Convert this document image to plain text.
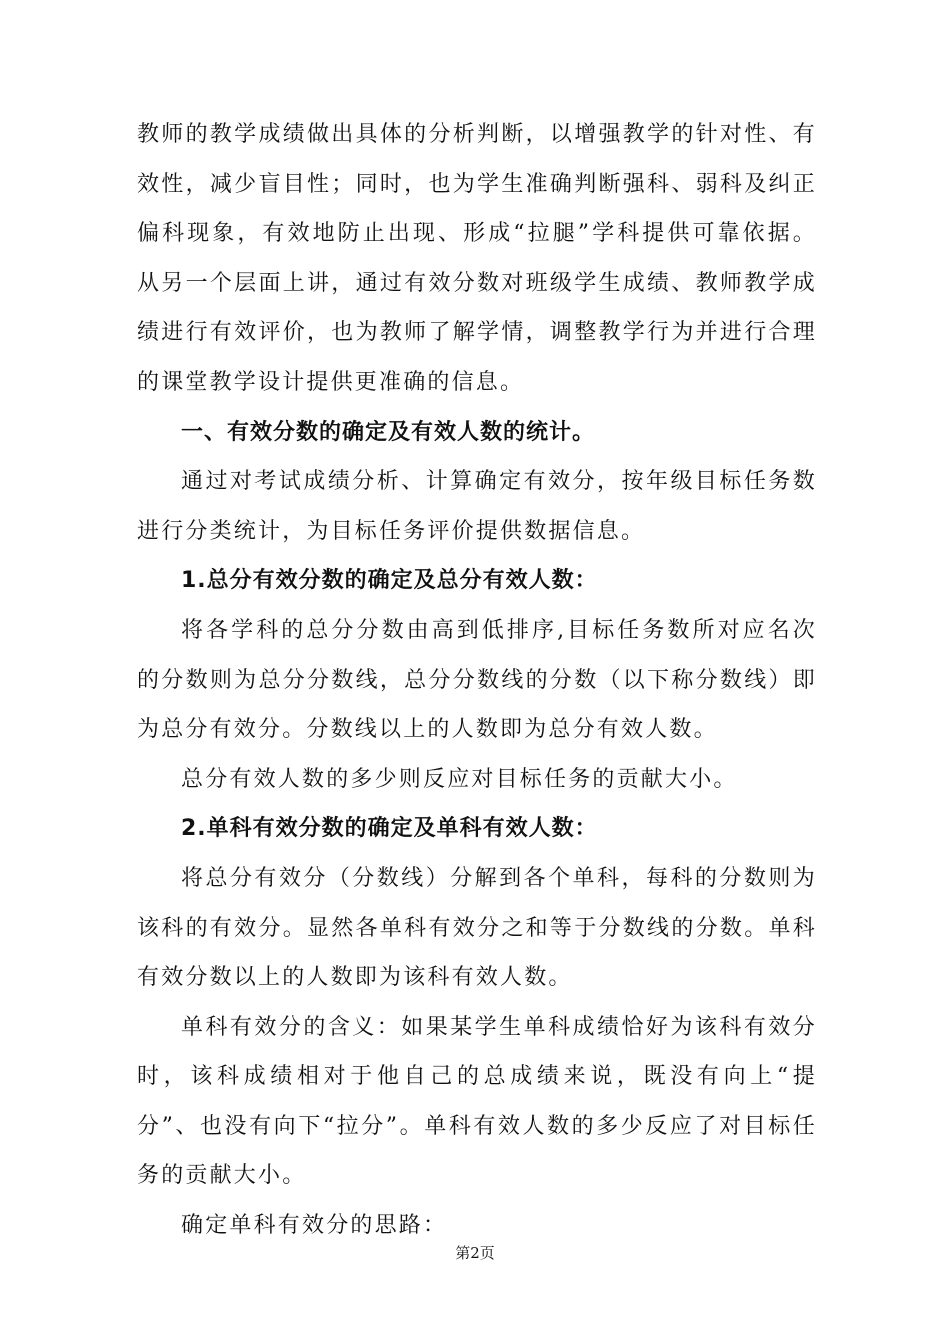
教师的教学成绩做出具体的分析判断，以增强教学的针对性、有效性，减少盲目性；同时，也为学生准确判断强科、弱科及纠正偏科现象，有效地防止出现、形成“拉腿”学科提供可靠依据。从另一个层面上讲，通过有效分数对班级学生成绩、教师教学成绩进行有效评价，也为教师了解学情，调整教学行为并进行合理的课堂教学设计提供更准确的信息。

一、有效分数的确定及有效人数的统计。

通过对考试成绩分析、计算确定有效分，按年级目标任务数进行分类统计，为目标任务评价提供数据信息。

1.总分有效分数的确定及总分有效人数：

将各学科的总分分数由高到低排序,目标任务数所对应名次的分数则为总分分数线，总分分数线的分数（以下称分数线）即为总分有效分。分数线以上的人数即为总分有效人数。

总分有效人数的多少则反应对目标任务的贡献大小。

2.单科有效分数的确定及单科有效人数：

将总分有效分（分数线）分解到各个单科，每科的分数则为该科的有效分。显然各单科有效分之和等于分数线的分数。单科有效分数以上的人数即为该科有效人数。

单科有效分的含义：如果某学生单科成绩恰好为该科有效分时，该科成绩相对于他自己的总成绩来说，既没有向上“提分”、也没有向下“拉分”。单科有效人数的多少反应了对目标任务的贡献大小。

确定单科有效分的思路：

第2页
